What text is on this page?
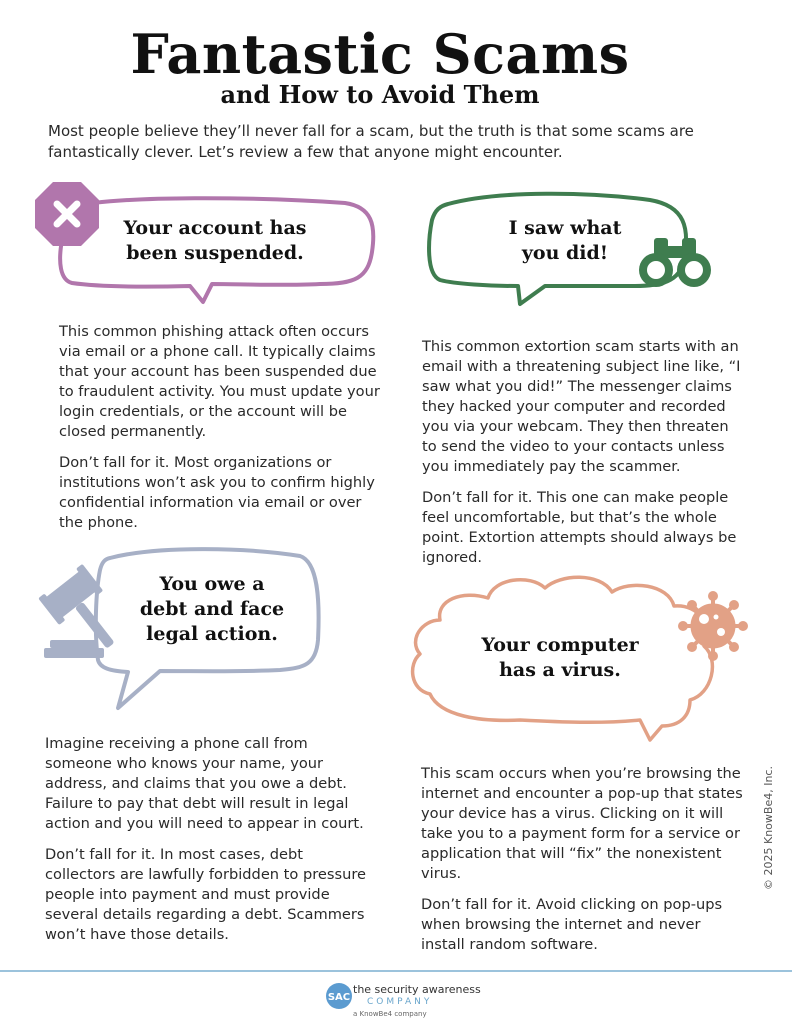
Fantastic Scams
and How to Avoid Them
Most people believe they’ll never fall for a scam, but the truth is that some scams are fantastically clever. Let’s review a few that anyone might encounter.
SAC
Your account has
been suspended.
I saw what
you did!
You owe a
debt and face
legal action.	Your computer
has a virus.

This common phishing attack often occurs via email or a phone call. It typically claims that your account has been suspended due to fraudulent activity. You must update your login credentials, or the account will be closed permanently.

Don’t fall for it. Most organizations or institutions won’t ask you to confirm highly confidential information via email or over the phone.

This common extortion scam starts with an email with a threatening subject line like, “I saw what you did!” The messenger claims they hacked your computer and recorded you via your webcam. They then threaten to send the video to your contacts unless you immediately pay the scammer.

Don’t fall for it. This one can make people feel uncomfortable, but that’s the whole point. Extortion attempts should always be ignored.

Imagine receiving a phone call from someone who knows your name, your address, and claims that you owe a debt. Failure to pay that debt will result in legal action and you will need to appear in court.

Don’t fall for it. In most cases, debt collectors are lawfully forbidden to pressure people into payment and must provide several details regarding a debt. Scammers won’t have those details.

This scam occurs when you’re browsing the internet and encounter a pop-up that states your device has a virus. Clicking on it will take you to a payment form for a service or application that will “fix” the nonexistent virus.

Don’t fall for it. Avoid clicking on pop-ups when browsing the internet and never install random software.

© 2025 KnowBe4, Inc.
the security awareness
COMPANY
a KnowBe4 company
